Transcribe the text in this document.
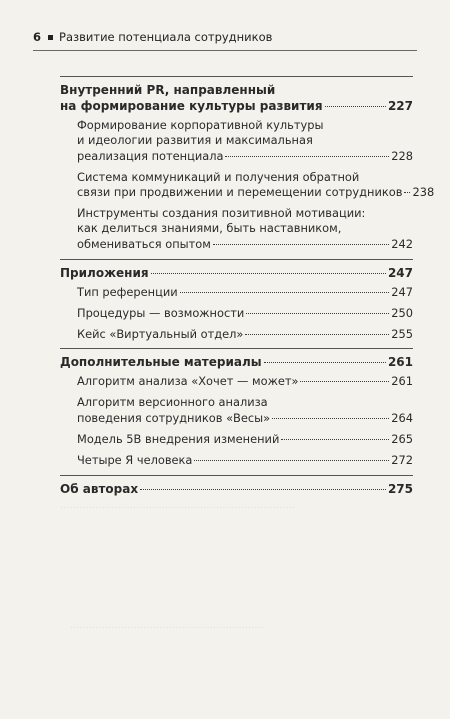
6 Развитие потенциала сотрудников
..........................................................................
.............................................................
Внутренний PR, направленный
на формирование культуры развития	227
Формирование корпоративной культуры
и идеологии развития и максимальная
реализация потенциала	228
Система коммуникаций и получения обратной
связи при продвижении и перемещении сотрудников 238
Инструменты создания позитивной мотивации:
как делиться знаниями, быть наставником,
обмениваться опытом	242
Приложения	247
Тип референции	247
Процедуры — возможности	250
Кейс «Виртуальный отдел»	255
Дополнительные материалы	261
Алгоритм анализа «Хочет — может»	261
Алгоритм версионного анализа
поведения сотрудников «Весы»	264
Модель 5В внедрения изменений	265
Четыре Я человека	272
Об авторах	275
